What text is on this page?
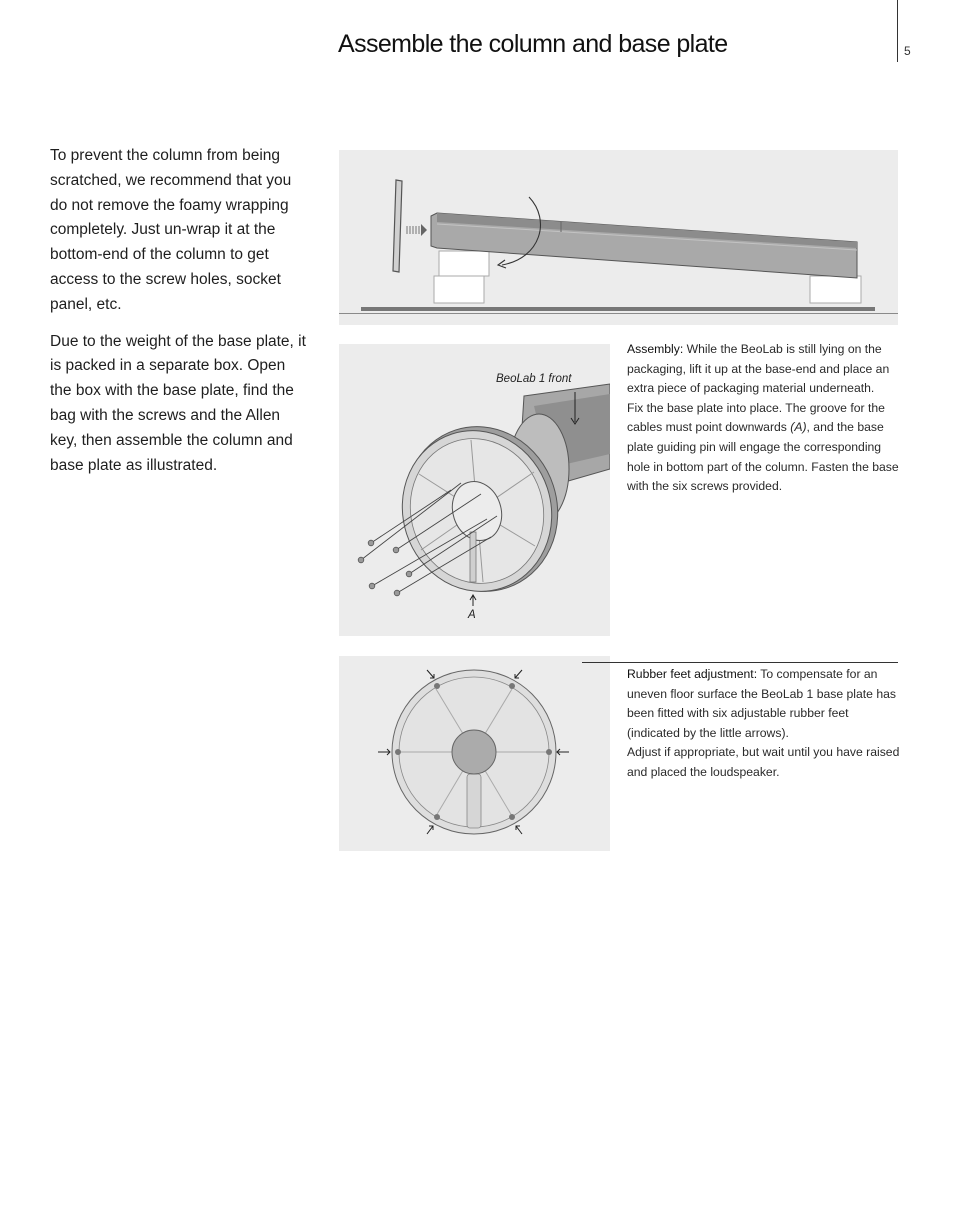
Assemble the column and base plate	5

To prevent the column from being scratched, we recommend that you do not remove the foamy wrapping completely. Just un-wrap it at the bottom-end of the column to get access to the screw holes, socket panel, etc.

Due to the weight of the base plate, it is packed in a separate box. Open the box with the base plate, find the bag with the screws and the Allen key, then assemble the column and base plate as illustrated.

BeoLab 1 front
A

Assembly: While the BeoLab is still lying on the packaging, lift it up at the base-end and place an extra piece of packaging material underneath.

Fix the base plate into place. The groove for the cables must point downwards (A), and the base plate guiding pin will engage the corresponding hole in bottom part of the column. Fasten the base with the six screws provided.

Rubber feet adjustment: To compensate for an uneven floor surface the BeoLab 1 base plate has been fitted with six adjustable rubber feet (indicated by the little arrows).

Adjust if appropriate, but wait until you have raised and placed the loudspeaker.
